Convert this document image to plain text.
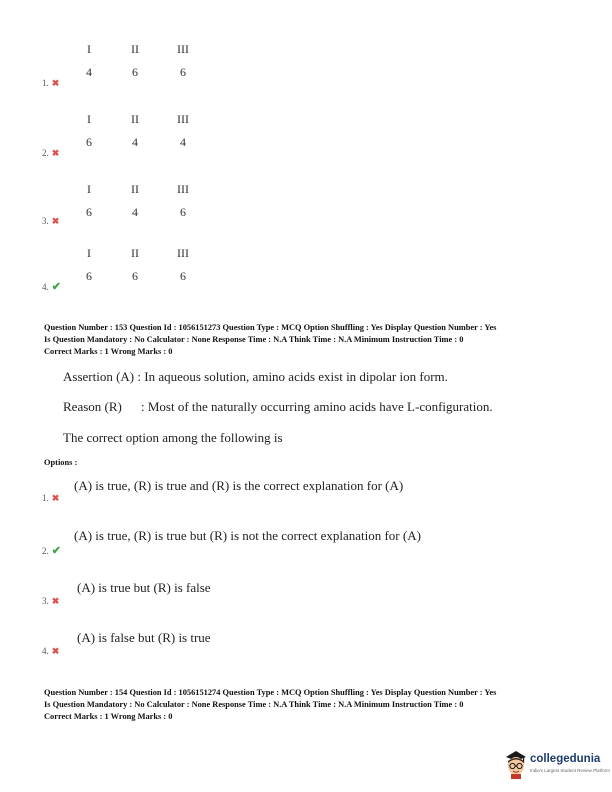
I	II	III
4	6	6
1. ✖
I	II	III
6	4	4
2. ✖
I	II	III
6	4	6
3. ✖
I	II	III
6	6	6
4. ✔
Question Number : 153 Question Id : 1056151273 Question Type : MCQ Option Shuffling : Yes Display Question Number : Yes
Is Question Mandatory : No Calculator : None Response Time : N.A Think Time : N.A Minimum Instruction Time : 0
Correct Marks : 1 Wrong Marks : 0
Assertion (A) : In aqueous solution, amino acids exist in dipolar ion form.
Reason (R) : Most of the naturally occurring amino acids have L-configuration.
The correct option among the following is
Options :
(A) is true, (R) is true and (R) is the correct explanation for (A)
1. ✖
(A) is true, (R) is true but (R) is not the correct explanation for (A)
2. ✔
(A) is true but (R) is false
3. ✖
(A) is false but (R) is true
4. ✖
Question Number : 154 Question Id : 1056151274 Question Type : MCQ Option Shuffling : Yes Display Question Number : Yes
Is Question Mandatory : No Calculator : None Response Time : N.A Think Time : N.A Minimum Instruction Time : 0
Correct Marks : 1 Wrong Marks : 0
collegedunia
India's Largest Student Review Platform
